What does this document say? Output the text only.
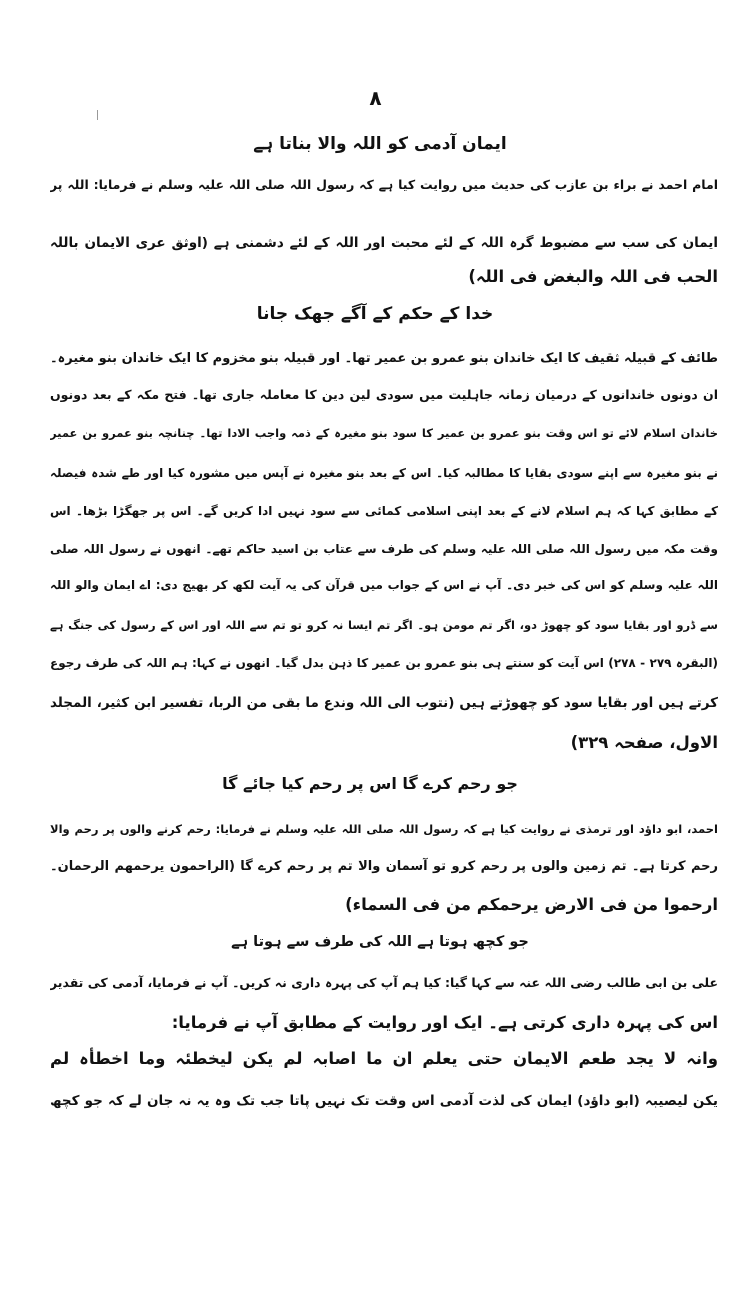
۸
ایمان آدمی کو اللہ والا بناتا ہے
امام احمد نے براء بن عازب کی حدیث میں روایت کیا ہے کہ رسول اللہ صلی اللہ علیہ وسلم نے فرمایا: اللہ پر
ایمان کی سب سے مضبوط گرہ اللہ کے لئے محبت اور اللہ کے لئے دشمنی ہے (اوثق عری الایمان باللہ
الحب فی اللہ والبغض فی اللہ)
خدا کے حکم کے آگے جھک جانا
طائف کے قبیلہ ثقیف کا ایک خاندان بنو عمرو بن عمیر تھا۔ اور قبیلہ بنو مخزوم کا ایک خاندان بنو مغیرہ۔
ان دونوں خاندانوں کے درمیان زمانہ جاہلیت میں سودی لین دین کا معاملہ جاری تھا۔ فتح مکہ کے بعد دونوں
خاندان اسلام لائے تو اس وقت بنو عمرو بن عمیر کا سود بنو مغیرہ کے ذمہ واجب الادا تھا۔ چنانچہ بنو عمرو بن عمیر
نے بنو مغیرہ سے اپنے سودی بقایا کا مطالبہ کیا۔ اس کے بعد بنو مغیرہ نے آپس میں مشورہ کیا اور طے شدہ فیصلہ
کے مطابق کہا کہ ہم اسلام لانے کے بعد اپنی اسلامی کمائی سے سود نہیں ادا کریں گے۔ اس پر جھگڑا بڑھا۔ اس
وقت مکہ میں رسول اللہ صلی اللہ علیہ وسلم کی طرف سے عتاب بن اسید حاکم تھے۔ انھوں نے رسول اللہ صلی
اللہ علیہ وسلم کو اس کی خبر دی۔ آپ نے اس کے جواب میں قرآن کی یہ آیت لکھ کر بھیج دی: اے ایمان والو اللہ
سے ڈرو اور بقایا سود کو چھوڑ دو، اگر تم مومن ہو۔ اگر تم ایسا نہ کرو تو تم سے اللہ اور اس کے رسول کی جنگ ہے
(البقرہ ۲۷۹ - ۲۷۸) اس آیت کو سنتے ہی بنو عمرو بن عمیر کا ذہن بدل گیا۔ انھوں نے کہا: ہم اللہ کی طرف رجوع
کرتے ہیں اور بقایا سود کو چھوڑتے ہیں (نتوب الی اللہ وندع ما بقی من الربا، تفسیر ابن کثیر، المجلد
الاول، صفحہ ۳۲۹)
جو رحم کرے گا اس پر رحم کیا جائے گا
احمد، ابو داؤد اور ترمذی نے روایت کیا ہے کہ رسول اللہ صلی اللہ علیہ وسلم نے فرمایا: رحم کرنے والوں پر رحم والا
رحم کرتا ہے۔ تم زمین والوں پر رحم کرو تو آسمان والا تم پر رحم کرے گا (الراحمون یرحمھم الرحمان۔
ارحموا من فی الارض یرحمکم من فی السماء)
جو کچھ ہوتا ہے اللہ کی طرف سے ہوتا ہے
علی بن ابی طالب رضی اللہ عنہ سے کہا گیا: کیا ہم آپ کی پہرہ داری نہ کریں۔ آپ نے فرمایا، آدمی کی تقدیر
اس کی پہرہ داری کرتی ہے۔ ایک اور روایت کے مطابق آپ نے فرمایا:
وانہ لا یجد طعم الایمان حتی یعلم ان ما اصابہ لم یکن لیخطئہ وما اخطأہ لم
یکن لیصیبہ (ابو داؤد) ایمان کی لذت آدمی اس وقت تک نہیں پاتا جب تک وہ یہ نہ جان لے کہ جو کچھ
